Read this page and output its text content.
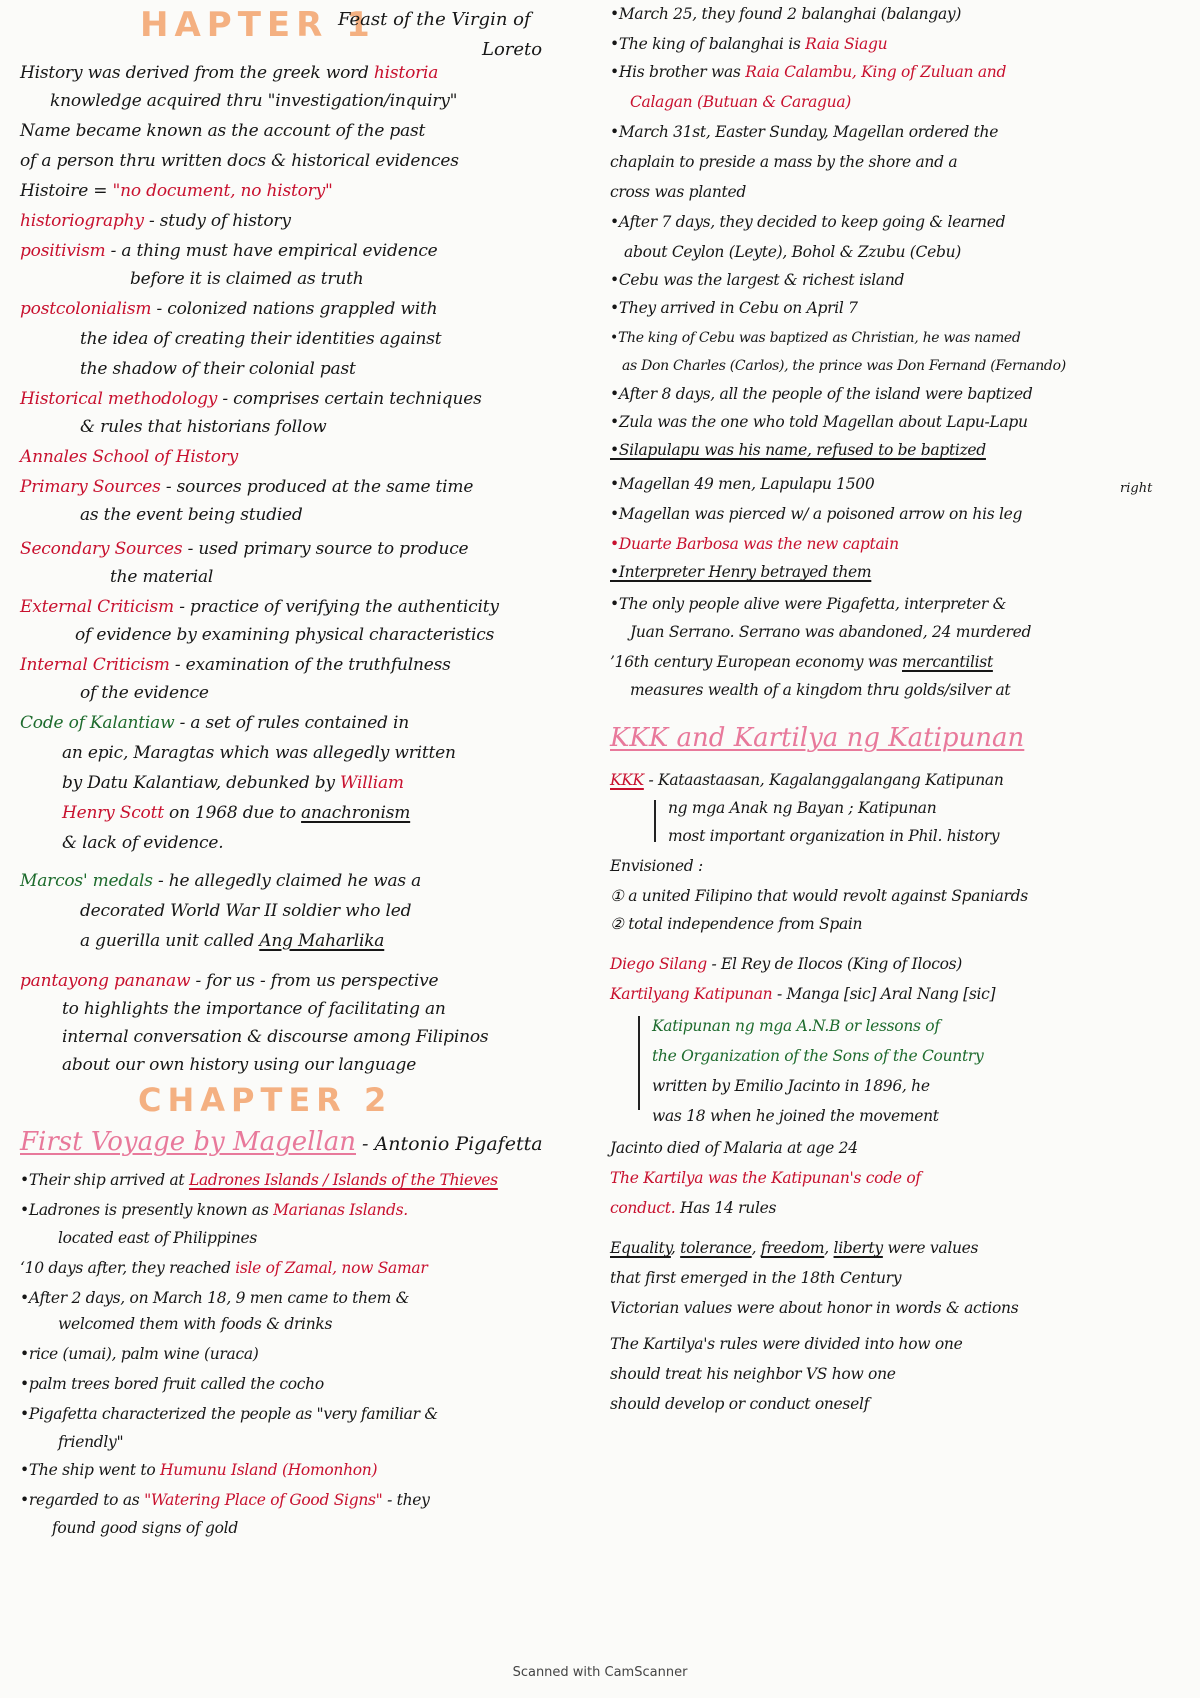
HAPTER 1
Feast of the Virgin of
Loreto
History was derived from the greek word historia
knowledge acquired thru "investigation/inquiry"
Name became known as the account of the past
of a person thru written docs & historical evidences
Histoire = "no document, no history"
historiography - study of history
positivism - a thing must have empirical evidence
before it is claimed as truth
postcolonialism - colonized nations grappled with
the idea of creating their identities against
the shadow of their colonial past
Historical methodology - comprises certain techniques
& rules that historians follow
Annales School of History
Primary Sources - sources produced at the same time
as the event being studied
Secondary Sources - used primary source to produce
the material
External Criticism - practice of verifying the authenticity
of evidence by examining physical characteristics
Internal Criticism - examination of the truthfulness
of the evidence
Code of Kalantiaw - a set of rules contained in
an epic, Maragtas which was allegedly written
by Datu Kalantiaw, debunked by William
Henry Scott on 1968 due to anachronism
& lack of evidence.
Marcos' medals - he allegedly claimed he was a
decorated World War II soldier who led
a guerilla unit called Ang Maharlika
pantayong pananaw - for us - from us perspective
to highlights the importance of facilitating an
internal conversation & discourse among Filipinos
about our own history using our language
CHAPTER 2
First Voyage by Magellan - Antonio Pigafetta
•Their ship arrived at Ladrones Islands / Islands of the Thieves
•Ladrones is presently known as Marianas Islands.
located east of Philippines
‘10 days after, they reached isle of Zamal, now Samar
•After 2 days, on March 18, 9 men came to them &
welcomed them with foods & drinks
•rice (umai), palm wine (uraca)
•palm trees bored fruit called the cocho
•Pigafetta characterized the people as "very familiar &
friendly"
•The ship went to Humunu Island (Homonhon)
•regarded to as "Watering Place of Good Signs" - they
found good signs of gold
•March 25, they found 2 balanghai (balangay)
•The king of balanghai is Raia Siagu
•His brother was Raia Calambu, King of Zuluan and
Calagan (Butuan & Caragua)
•March 31st, Easter Sunday, Magellan ordered the
chaplain to preside a mass by the shore and a
cross was planted
•After 7 days, they decided to keep going & learned
about Ceylon (Leyte), Bohol & Zzubu (Cebu)
•Cebu was the largest & richest island
•They arrived in Cebu on April 7
•The king of Cebu was baptized as Christian, he was named
as Don Charles (Carlos), the prince was Don Fernand (Fernando)
•After 8 days, all the people of the island were baptized
•Zula was the one who told Magellan about Lapu-Lapu
•Silapulapu was his name, refused to be baptized
•Magellan 49 men, Lapulapu 1500	right
•Magellan was pierced w/ a poisoned arrow on his leg
•Duarte Barbosa was the new captain
•Interpreter Henry betrayed them
•The only people alive were Pigafetta, interpreter &
Juan Serrano. Serrano was abandoned, 24 murdered
’16th century European economy was mercantilist
measures wealth of a kingdom thru golds/silver at
KKK and Kartilya ng Katipunan
KKK - Kataastaasan, Kagalanggalangang Katipunan
ng mga Anak ng Bayan ; Katipunan
most important organization in Phil. history
Envisioned :
① a united Filipino that would revolt against Spaniards
② total independence from Spain
Diego Silang - El Rey de Ilocos (King of Ilocos)
Kartilyang Katipunan - Manga [sic] Aral Nang [sic]
Katipunan ng mga A.N.B or lessons of
the Organization of the Sons of the Country
written by Emilio Jacinto in 1896, he
was 18 when he joined the movement
Jacinto died of Malaria at age 24
The Kartilya was the Katipunan's code of
conduct. Has 14 rules
Equality, tolerance, freedom, liberty were values
that first emerged in the 18th Century
Victorian values were about honor in words & actions
The Kartilya's rules were divided into how one
should treat his neighbor VS how one
should develop or conduct oneself
Scanned with CamScanner
